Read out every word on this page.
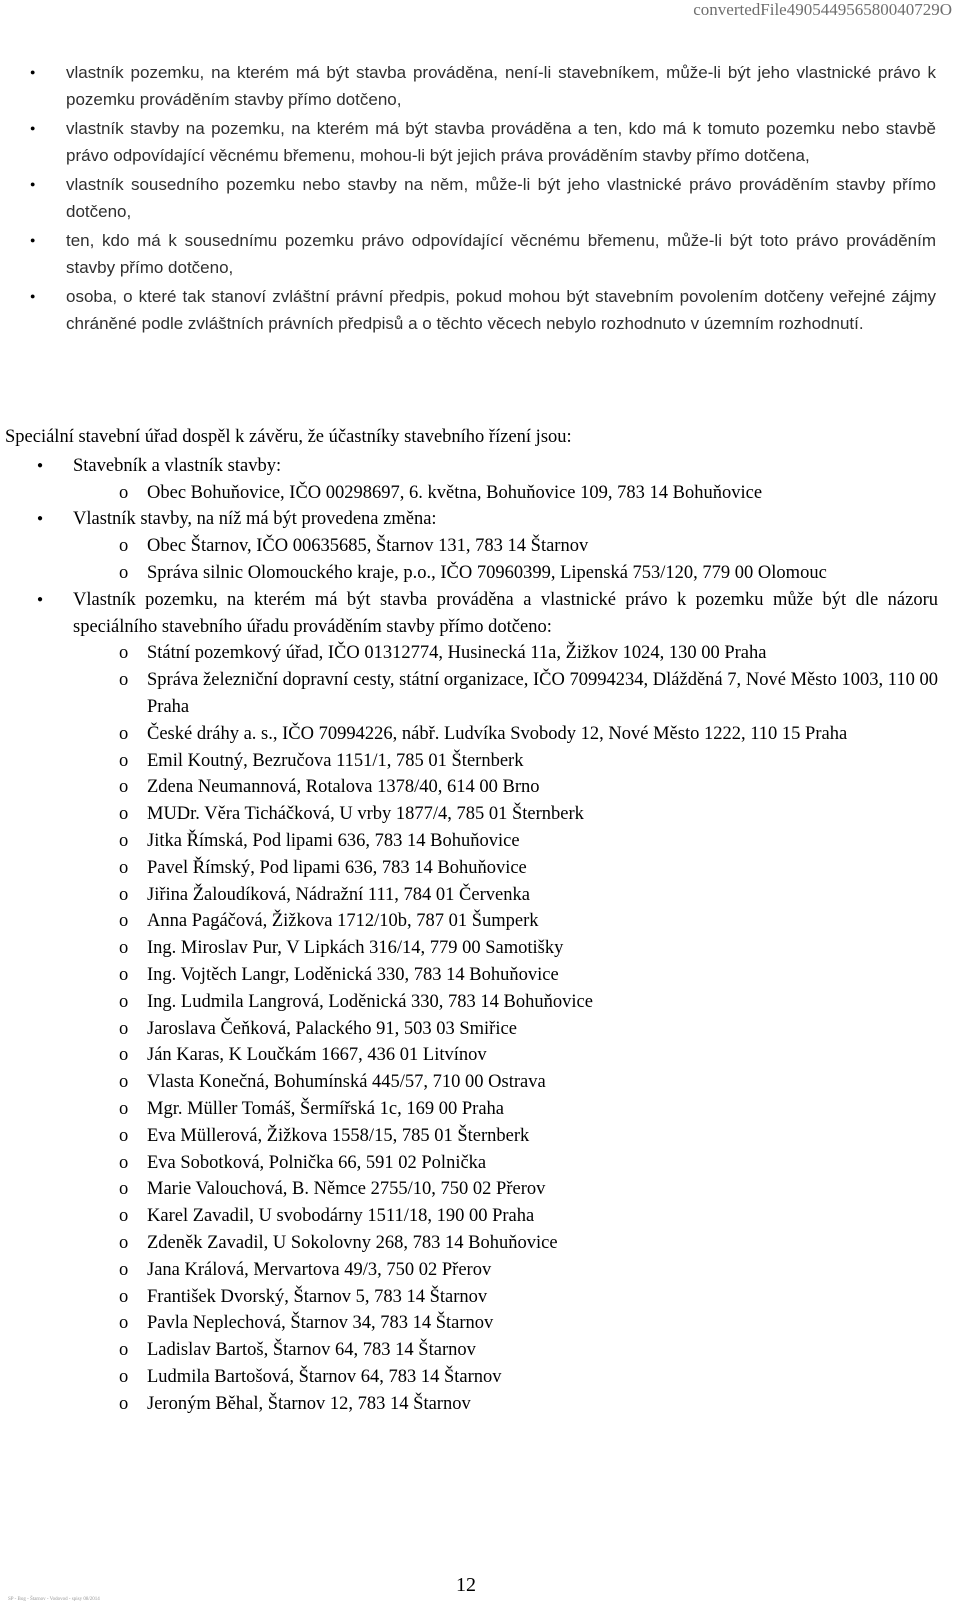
convertedFile490544956580040729O
● vlastník pozemku, na kterém má být stavba prováděna, není-li stavebníkem, může-li být jeho vlastnické právo k pozemku prováděním stavby přímo dotčeno,
● vlastník stavby na pozemku, na kterém má být stavba prováděna a ten, kdo má k tomuto pozemku nebo stavbě právo odpovídající věcnému břemenu, mohou-li být jejich práva prováděním stavby přímo dotčena,
● vlastník sousedního pozemku nebo stavby na něm, může-li být jeho vlastnické právo prováděním stavby přímo dotčeno,
● ten, kdo má k sousednímu pozemku právo odpovídající věcnému břemenu, může-li být toto právo prováděním stavby přímo dotčeno,
● osoba, o které tak stanoví zvláštní právní předpis, pokud mohou být stavebním povolením dotčeny veřejné zájmy chráněné podle zvláštních právních předpisů a o těchto věcech nebylo rozhodnuto v územním rozhodnutí.

Speciální stavební úřad dospěl k závěru, že účastníky stavebního řízení jsou:

● Stavebník a vlastník stavby:
o Obec Bohuňovice, IČO 00298697, 6. května, Bohuňovice 109, 783 14 Bohuňovice
● Vlastník stavby, na níž má být provedena změna:
o Obec Štarnov, IČO 00635685, Štarnov 131, 783 14 Štarnov
o Správa silnic Olomouckého kraje, p.o., IČO 70960399, Lipenská 753/120, 779 00 Olomouc
● Vlastník pozemku, na kterém má být stavba prováděna a vlastnické právo k pozemku může být dle názoru speciálního stavebního úřadu prováděním stavby přímo dotčeno:
o Státní pozemkový úřad, IČO 01312774, Husinecká 11a, Žižkov 1024, 130 00 Praha
o Správa železniční dopravní cesty, státní organizace, IČO 70994234, Dlážděná 7, Nové Město 1003, 110 00 Praha
o České dráhy a. s., IČO 70994226, nábř. Ludvíka Svobody 12, Nové Město 1222, 110 15 Praha
o Emil Koutný, Bezručova 1151/1, 785 01 Šternberk
o Zdena Neumannová, Rotalova 1378/40, 614 00 Brno
o MUDr. Věra Ticháčková, U vrby 1877/4, 785 01 Šternberk
o Jitka Římská, Pod lipami 636, 783 14 Bohuňovice
o Pavel Římský, Pod lipami 636, 783 14 Bohuňovice
o Jiřina Žaloudíková, Nádražní 111, 784 01 Červenka
o Anna Pagáčová, Žižkova 1712/10b, 787 01 Šumperk
o Ing. Miroslav Pur, V Lipkách 316/14, 779 00 Samotišky
o Ing. Vojtěch Langr, Loděnická 330, 783 14 Bohuňovice
o Ing. Ludmila Langrová, Loděnická 330, 783 14 Bohuňovice
o Jaroslava Čeňková, Palackého 91, 503 03 Smiřice
o Ján Karas, K Loučkám 1667, 436 01 Litvínov
o Vlasta Konečná, Bohumínská 445/57, 710 00 Ostrava
o Mgr. Müller Tomáš, Šermířská 1c, 169 00 Praha
o Eva Müllerová, Žižkova 1558/15, 785 01 Šternberk
o Eva Sobotková, Polnička 66, 591 02 Polnička
o Marie Valouchová, B. Němce 2755/10, 750 02 Přerov
o Karel Zavadil, U svobodárny 1511/18, 190 00 Praha
o Zdeněk Zavadil, U Sokolovny 268, 783 14 Bohuňovice
o Jana Králová, Mervartova 49/3, 750 02 Přerov
o František Dvorský, Štarnov 5, 783 14 Štarnov
o Pavla Neplechová, Štarnov 34, 783 14 Štarnov
o Ladislav Bartoš, Štarnov 64, 783 14 Štarnov
o Ludmila Bartošová, Štarnov 64, 783 14 Štarnov
o Jeroným Běhal, Štarnov 12, 783 14 Štarnov
SP - Bog - Štarnov - Vodovod - spisy 08/2014
12
